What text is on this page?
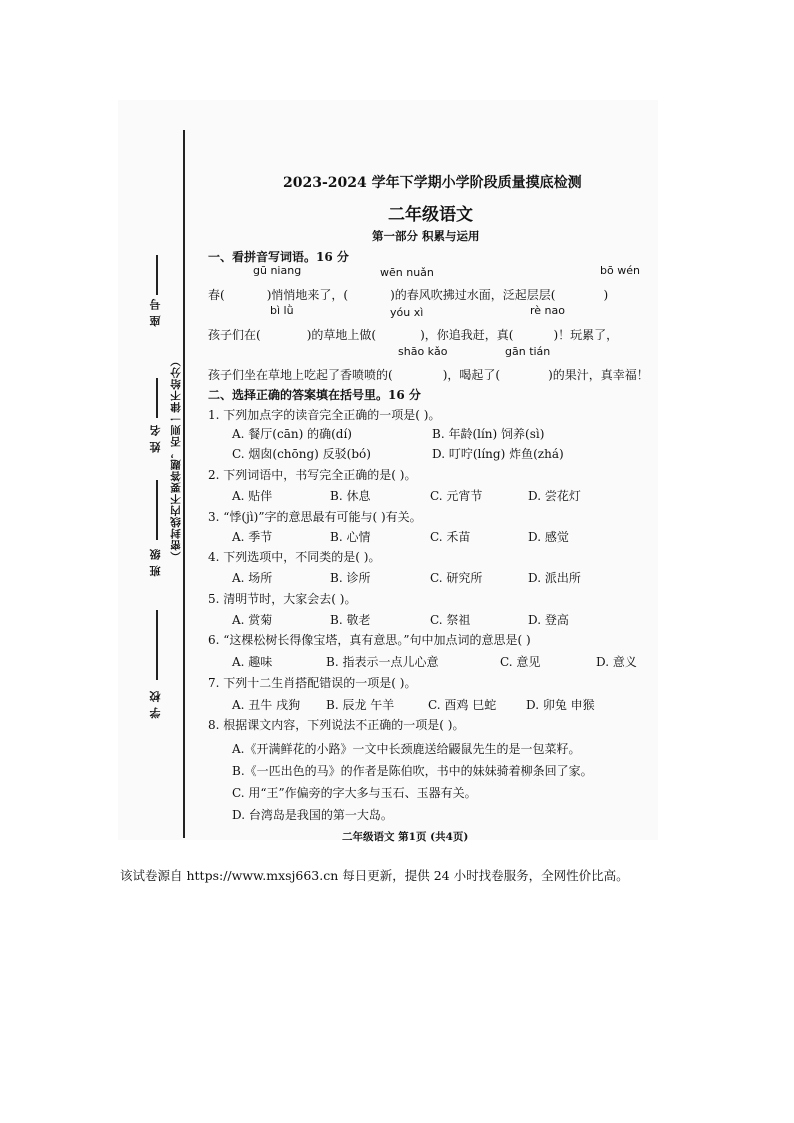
座 号
姓 名
班 级
学 校
（密封线内不要答题，否则一律不给分）
2023-2024 学年下学期小学阶段质量摸底检测
二年级语文
第一部分 积累与运用
一、看拼音写词语。16 分
gū niang	wēn nuǎn	bō wén
春(	)悄悄地来了，(	)的春风吹拂过水面，泛起层层(	)
bì lǜ	yóu xì	rè nao
孩子们在(	)的草地上做(	)，你追我赶，真(	)！玩累了，
shāo kǎo	gān tián
孩子们坐在草地上吃起了香喷喷的(	)，喝起了(	)的果汁，真幸福！
二、选择正确的答案填在括号里。16 分
1. 下列加点字的读音完全正确的一项是( )。
A. 餐厅(cān) 的确(dí)	B. 年龄(lín) 饲养(sì)
C. 烟囱(chōng) 反驳(bó)	D. 叮咛(líng) 炸鱼(zhá)
2. 下列词语中，书写完全正确的是( )。
A. 贴伴	B. 休息	C. 元宵节	D. 尝花灯
3. “悸(jì)”字的意思最有可能与( )有关。
A. 季节	B. 心情	C. 禾苗	D. 感觉
4. 下列选项中，不同类的是( )。
A. 场所	B. 诊所	C. 研究所	D. 派出所
5. 清明节时，大家会去( )。
A. 赏菊	B. 敬老	C. 祭祖	D. 登高
6. “这棵松树长得像宝塔，真有意思。”句中加点词的意思是( )
A. 趣味	B. 指表示一点儿心意	C. 意见	D. 意义
7. 下列十二生肖搭配错误的一项是( )。
A. 丑牛 戌狗 B. 辰龙 午羊	C. 酉鸡 巳蛇 D. 卯兔 申猴
8. 根据课文内容，下列说法不正确的一项是( )。
A.《开满鲜花的小路》一文中长颈鹿送给鼹鼠先生的是一包菜籽。
B.《一匹出色的马》的作者是陈伯吹，书中的妹妹骑着柳条回了家。
C. 用“王”作偏旁的字大多与玉石、玉器有关。
D. 台湾岛是我国的第一大岛。
二年级语文 第1页 (共4页)
该试卷源自 https://www.mxsj663.cn 每日更新，提供 24 小时找卷服务，全网性价比高。
